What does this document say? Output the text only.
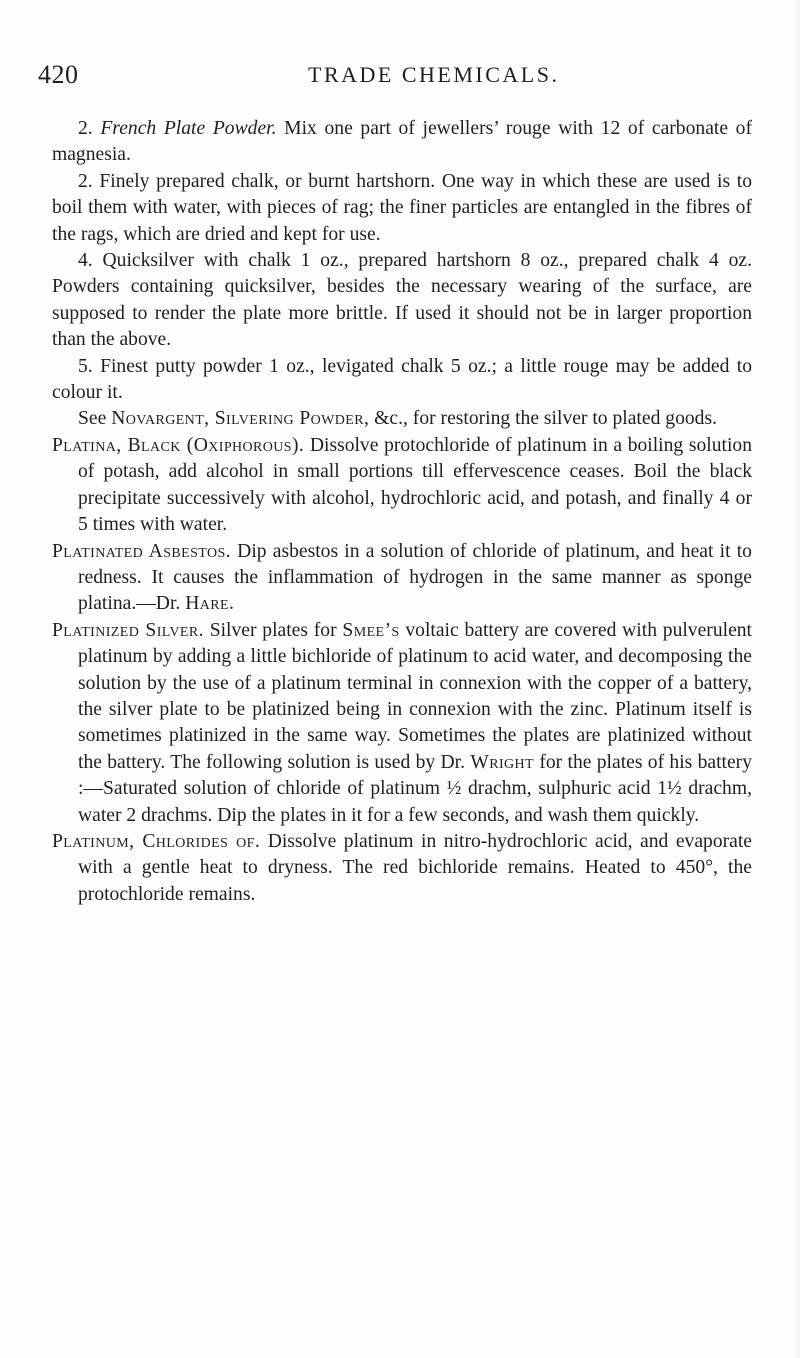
420	TRADE CHEMICALS.

2. French Plate Powder. Mix one part of jewellers’ rouge with 12 of carbonate of magnesia.

2. Finely prepared chalk, or burnt hartshorn. One way in which these are used is to boil them with water, with pieces of rag; the finer particles are entangled in the fibres of the rags, which are dried and kept for use.

4. Quicksilver with chalk 1 oz., prepared hartshorn 8 oz., prepared chalk 4 oz. Powders containing quicksilver, besides the necessary wearing of the surface, are supposed to render the plate more brittle. If used it should not be in larger proportion than the above.

5. Finest putty powder 1 oz., levigated chalk 5 oz.; a little rouge may be added to colour it.

See Novargent, Silvering Powder, &c., for restoring the silver to plated goods.

Platina, Black (Oxiphorous). Dissolve protochloride of platinum in a boiling solution of potash, add alcohol in small portions till effervescence ceases. Boil the black precipitate successively with alcohol, hydrochloric acid, and potash, and finally 4 or 5 times with water.

Platinated Asbestos. Dip asbestos in a solution of chloride of platinum, and heat it to redness. It causes the inflammation of hydrogen in the same manner as sponge platina.—Dr. Hare.

Platinized Silver. Silver plates for Smee’s voltaic battery are covered with pulverulent platinum by adding a little bichloride of platinum to acid water, and decomposing the solution by the use of a platinum terminal in connexion with the copper of a battery, the silver plate to be platinized being in connexion with the zinc. Platinum itself is sometimes platinized in the same way. Sometimes the plates are platinized without the battery. The following solution is used by Dr. Wright for the plates of his battery :—Saturated solution of chloride of platinum ½ drachm, sulphuric acid 1½ drachm, water 2 drachms. Dip the plates in it for a few seconds, and wash them quickly.

Platinum, Chlorides of. Dissolve platinum in nitro-hydrochloric acid, and evaporate with a gentle heat to dryness. The red bichloride remains. Heated to 450°, the protochloride remains.
